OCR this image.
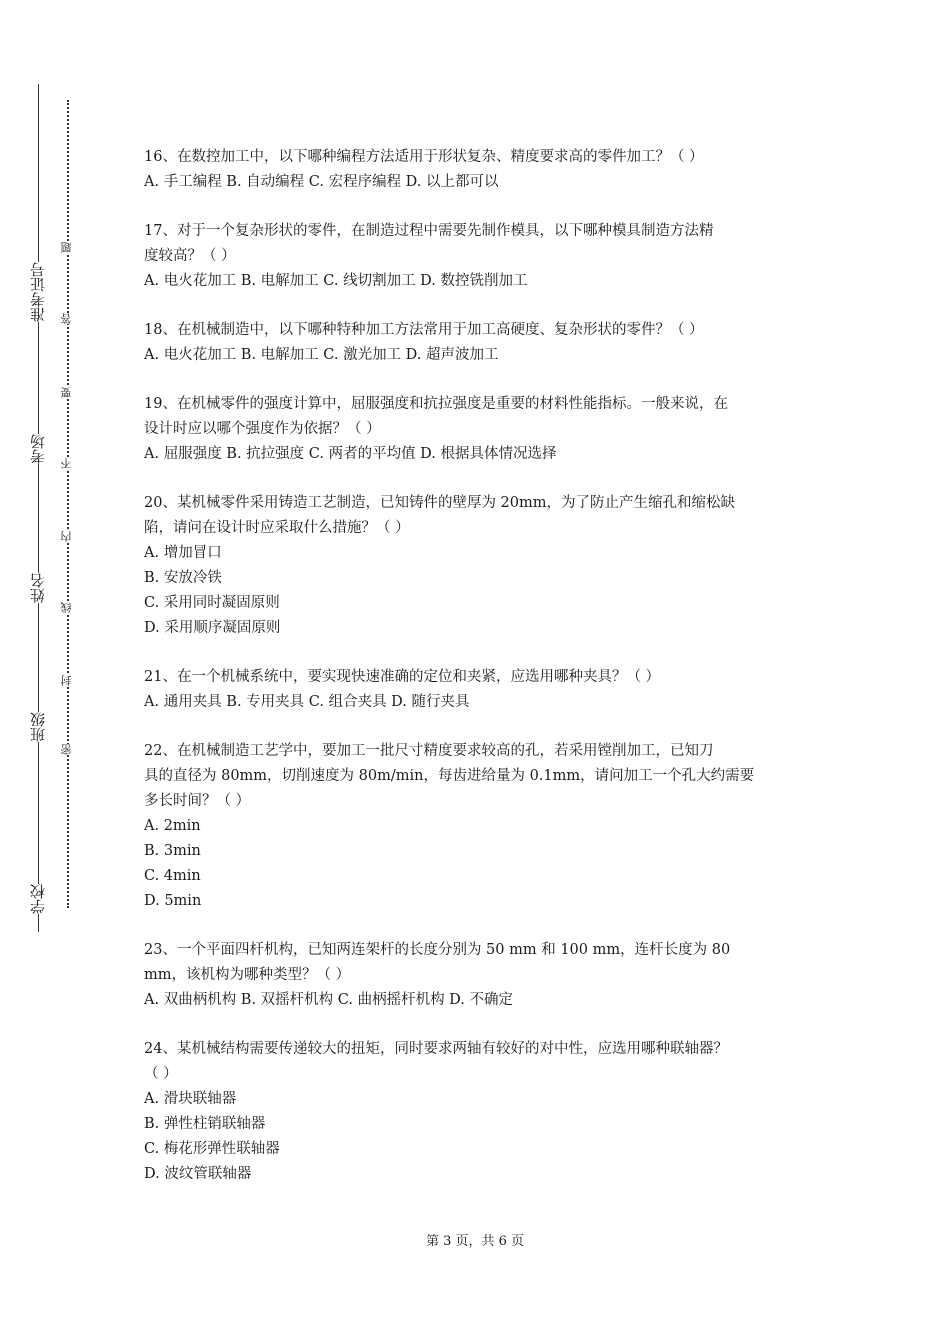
学校
班级
姓名
考场
准考证号
密
封
线
内
不
要
答
题

16、在数控加工中，以下哪种编程方法适用于形状复杂、精度要求高的零件加工？（ ）

A. 手工编程 B. 自动编程 C. 宏程序编程 D. 以上都可以

17、对于一个复杂形状的零件，在制造过程中需要先制作模具，以下哪种模具制造方法精

度较高？（ ）

A. 电火花加工 B. 电解加工 C. 线切割加工 D. 数控铣削加工

18、在机械制造中，以下哪种特种加工方法常用于加工高硬度、复杂形状的零件？（ ）

A. 电火花加工 B. 电解加工 C. 激光加工 D. 超声波加工

19、在机械零件的强度计算中，屈服强度和抗拉强度是重要的材料性能指标。一般来说，在

设计时应以哪个强度作为依据？（ ）

A. 屈服强度 B. 抗拉强度 C. 两者的平均值 D. 根据具体情况选择

20、某机械零件采用铸造工艺制造，已知铸件的壁厚为 20mm，为了防止产生缩孔和缩松缺

陷，请问在设计时应采取什么措施？（ ）

A. 增加冒口

B. 安放冷铁

C. 采用同时凝固原则

D. 采用顺序凝固原则

21、在一个机械系统中，要实现快速准确的定位和夹紧，应选用哪种夹具？（ ）

A. 通用夹具 B. 专用夹具 C. 组合夹具 D. 随行夹具

22、在机械制造工艺学中，要加工一批尺寸精度要求较高的孔，若采用镗削加工，已知刀

具的直径为 80mm，切削速度为 80m/min，每齿进给量为 0.1mm，请问加工一个孔大约需要

多长时间？（ ）

A. 2min

B. 3min

C. 4min

D. 5min

23、一个平面四杆机构，已知两连架杆的长度分别为 50 mm 和 100 mm，连杆长度为 80

mm，该机构为哪种类型？（ ）

A. 双曲柄机构 B. 双摇杆机构 C. 曲柄摇杆机构 D. 不确定

24、某机械结构需要传递较大的扭矩，同时要求两轴有较好的对中性，应选用哪种联轴器？

（ ）

A. 滑块联轴器

B. 弹性柱销联轴器

C. 梅花形弹性联轴器

D. 波纹管联轴器

第 3 页，共 6 页
